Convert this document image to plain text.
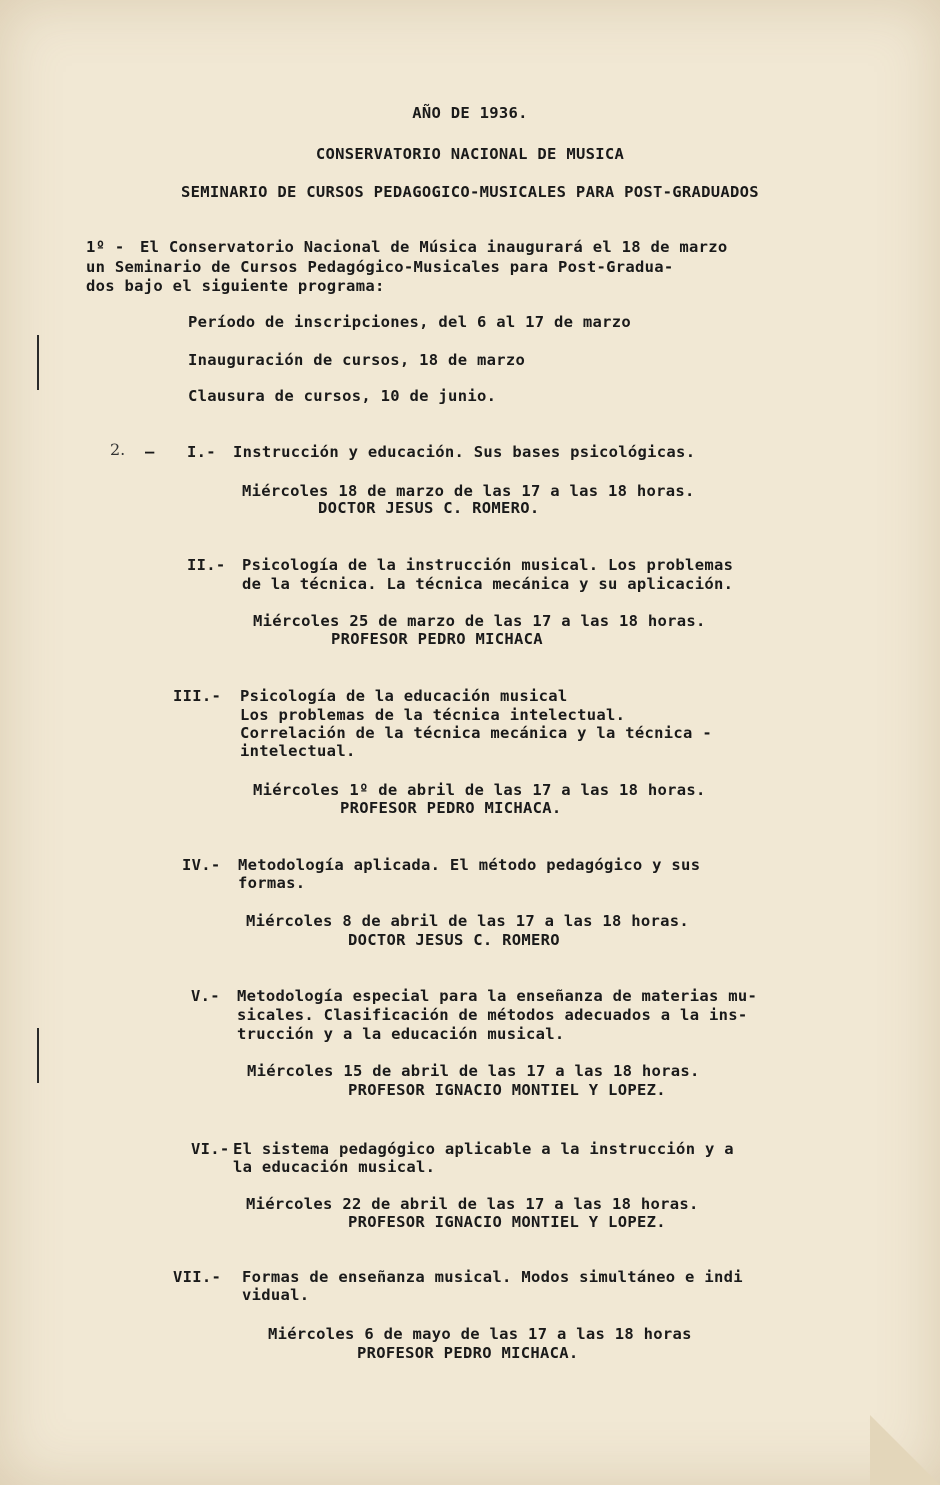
AÑO DE 1936.
CONSERVATORIO NACIONAL DE MUSICA
SEMINARIO DE CURSOS PEDAGOGICO-MUSICALES PARA POST-GRADUADOS
1º - El Conservatorio Nacional de Música inaugurará el 18 de marzo
un Seminario de Cursos Pedagógico-Musicales para Post-Gradua-
dos bajo el siguiente programa:
Período de inscripciones, del 6 al 17 de marzo
Inauguración de cursos, 18 de marzo
Clausura de cursos, 10 de junio.
2. — I.- Instrucción y educación. Sus bases psicológicas.
Miércoles 18 de marzo de las 17 a las 18 horas.
DOCTOR JESUS C. ROMERO.
II.- Psicología de la instrucción musical. Los problemas
de la técnica. La técnica mecánica y su aplicación.
Miércoles 25 de marzo de las 17 a las 18 horas.
PROFESOR PEDRO MICHACA
III.- Psicología de la educación musical
Los problemas de la técnica intelectual.
Correlación de la técnica mecánica y la técnica -
intelectual.
Miércoles 1º de abril de las 17 a las 18 horas.
PROFESOR PEDRO MICHACA.
IV.- Metodología aplicada. El método pedagógico y sus
formas.
Miércoles 8 de abril de las 17 a las 18 horas.
DOCTOR JESUS C. ROMERO
V.- Metodología especial para la enseñanza de materias mu-
sicales. Clasificación de métodos adecuados a la ins-
trucción y a la educación musical.
Miércoles 15 de abril de las 17 a las 18 horas.
PROFESOR IGNACIO MONTIEL Y LOPEZ.
VI.- El sistema pedagógico aplicable a la instrucción y a
la educación musical.
Miércoles 22 de abril de las 17 a las 18 horas.
PROFESOR IGNACIO MONTIEL Y LOPEZ.
VII.- Formas de enseñanza musical. Modos simultáneo e indi
vidual.
Miércoles 6 de mayo de las 17 a las 18 horas
PROFESOR PEDRO MICHACA.
